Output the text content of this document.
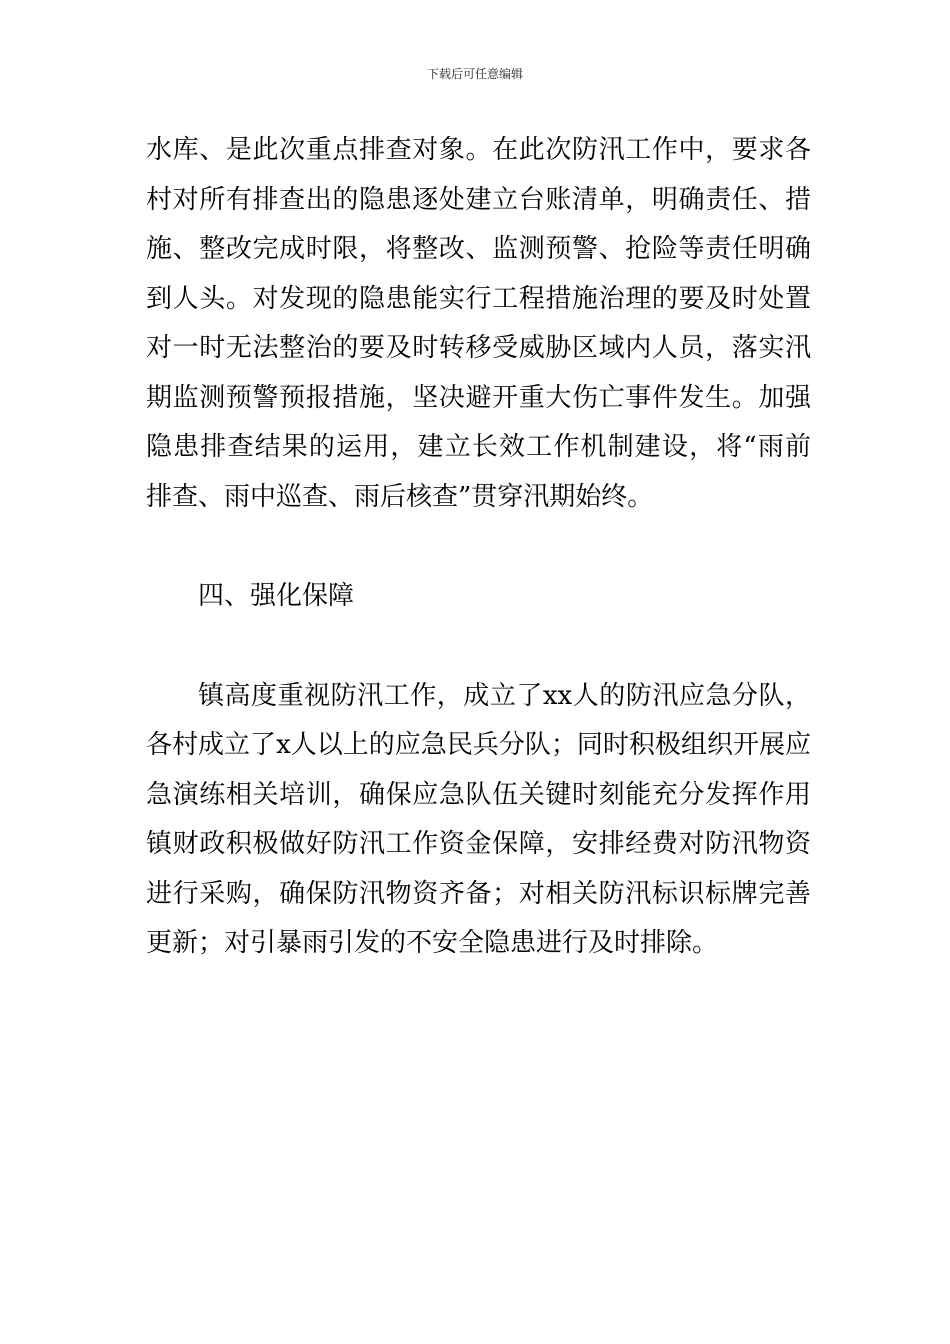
下载后可任意编辑
水库、是此次重点排查对象。在此次防汛工作中，要求各
村对所有排查出的隐患逐处建立台账清单，明确责任、措
施、整改完成时限，将整改、监测预警、抢险等责任明确
到人头。对发现的隐患能实行工程措施治理的要及时处置
对一时无法整治的要及时转移受威胁区域内人员，落实汛
期监测预警预报措施，坚决避开重大伤亡事件发生。加强
隐患排查结果的运用，建立长效工作机制建设，将“雨前
排查、雨中巡查、雨后核查”贯穿汛期始终。
四、强化保障
镇高度重视防汛工作，成立了xx人的防汛应急分队，
各村成立了x人以上的应急民兵分队；同时积极组织开展应
急演练相关培训，确保应急队伍关键时刻能充分发挥作用
镇财政积极做好防汛工作资金保障，安排经费对防汛物资
进行采购，确保防汛物资齐备；对相关防汛标识标牌完善
更新；对引暴雨引发的不安全隐患进行及时排除。
